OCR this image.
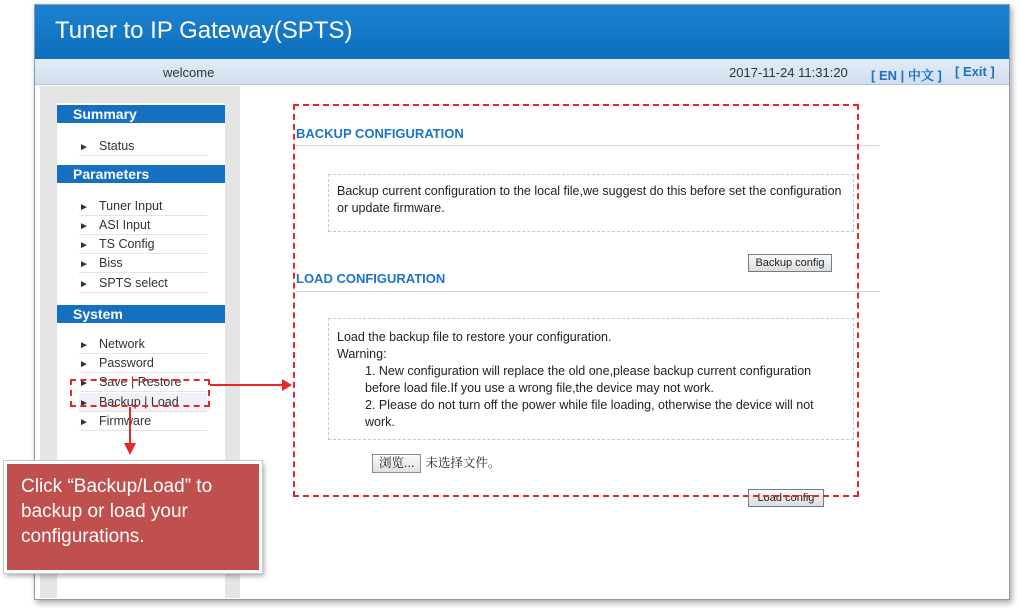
Tuner to IP Gateway(SPTS)
welcome	2017-11-24 11:31:20 [ EN | 中文 ] [ Exit ]
Summary
► Status
Parameters
► Tuner Input
► ASI Input
► TS Config
► Biss
► SPTS select
System
► Network
► Password
► Save | Restore
► Backup | Load
► Firmware
BACKUP CONFIGURATION
Backup current configuration to the local file,we suggest do this before set the configuration or update firmware.
Backup config
LOAD CONFIGURATION
Load the backup file to restore your configuration.
Warning:
1. New configuration will replace the old one,please backup current configuration before load file.If you use a wrong file,the device may not work.
2. Please do not turn off the power while file loading, otherwise the device will not work.
浏览... 未选择文件。
Load config
Click “Backup/Load” to backup or load your configurations.
